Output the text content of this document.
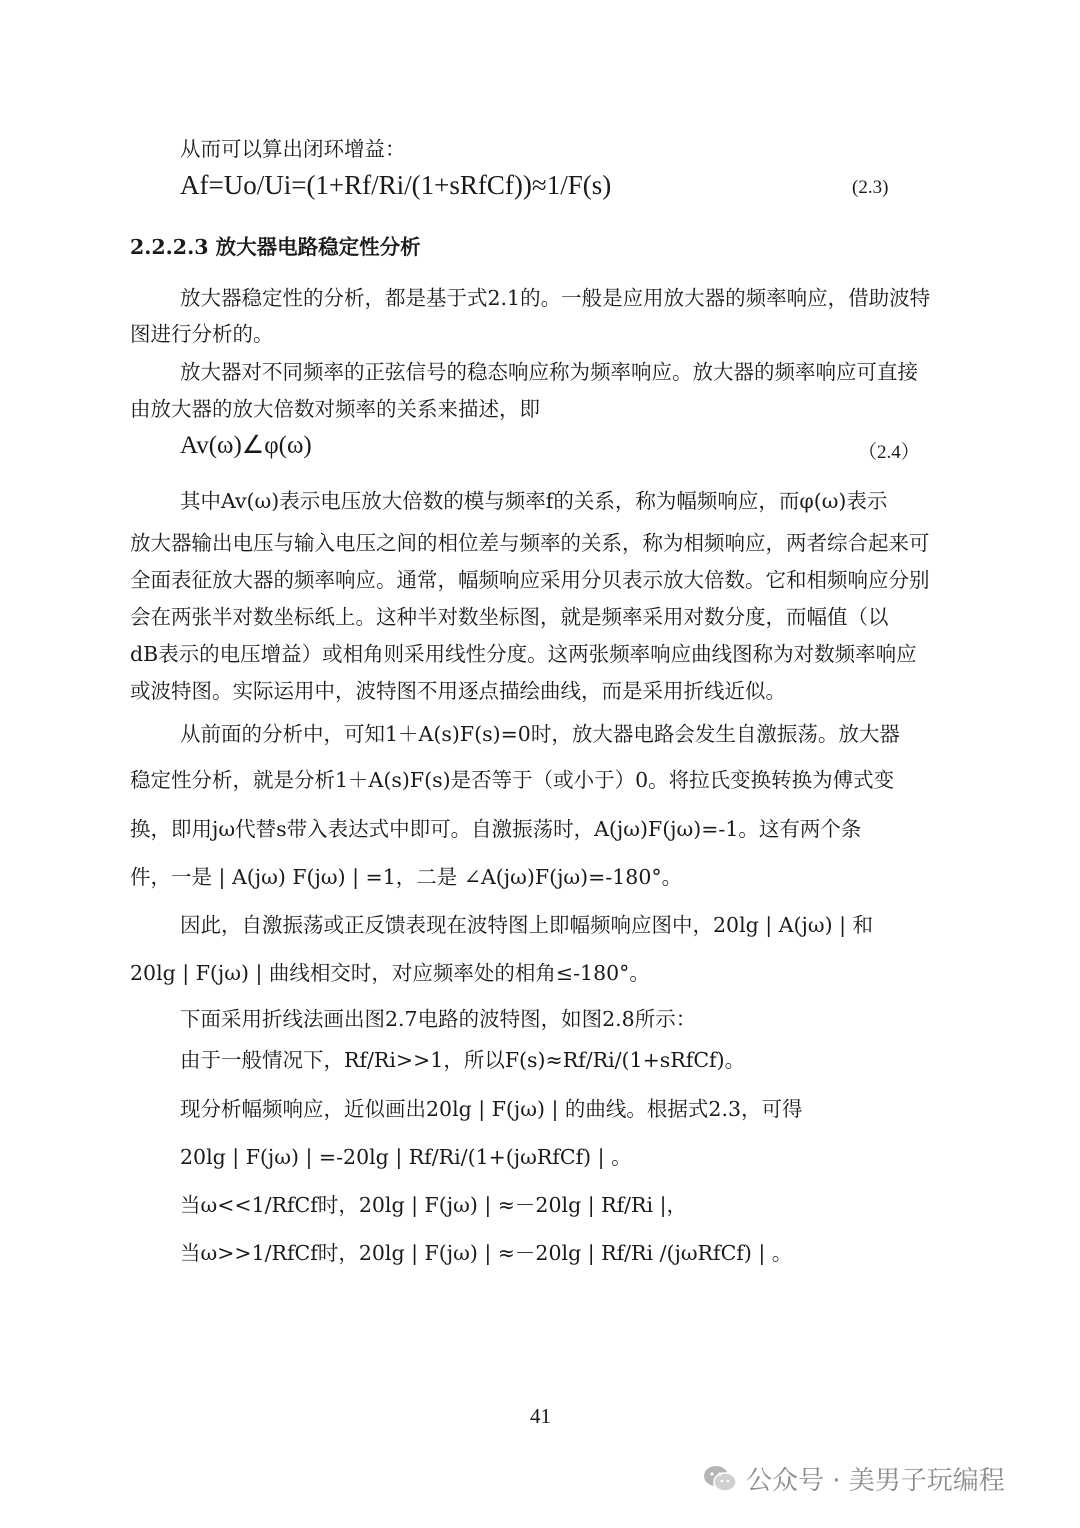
从而可以算出闭环增益：
Af=Uo/Ui=(1+Rf/Ri/(1+sRfCf))≈1/F(s)	(2.3)
2.2.2.3 放大器电路稳定性分析
放大器稳定性的分析，都是基于式2.1的。一般是应用放大器的频率响应，借助波特
图进行分析的。
放大器对不同频率的正弦信号的稳态响应称为频率响应。放大器的频率响应可直接
由放大器的放大倍数对频率的关系来描述，即
Av(ω)∠φ(ω)	（2.4）
其中Av(ω)表示电压放大倍数的模与频率f的关系，称为幅频响应，而φ(ω)表示
放大器输出电压与输入电压之间的相位差与频率的关系，称为相频响应，两者综合起来可
全面表征放大器的频率响应。通常，幅频响应采用分贝表示放大倍数。它和相频响应分别
会在两张半对数坐标纸上。这种半对数坐标图，就是频率采用对数分度，而幅值（以
dB表示的电压增益）或相角则采用线性分度。这两张频率响应曲线图称为对数频率响应
或波特图。实际运用中，波特图不用逐点描绘曲线，而是采用折线近似。
从前面的分析中，可知1＋A(s)F(s)=0时，放大器电路会发生自激振荡。放大器
稳定性分析，就是分析1＋A(s)F(s)是否等于（或小于）0。将拉氏变换转换为傅式变
换，即用jω代替s带入表达式中即可。自激振荡时，A(jω)F(jω)=-1。这有两个条
件，一是 | A(jω) F(jω) | =1，二是 ∠A(jω)F(jω)=-180°。
因此，自激振荡或正反馈表现在波特图上即幅频响应图中，20lg | A(jω) | 和
20lg | F(jω) | 曲线相交时，对应频率处的相角≤-180°。
下面采用折线法画出图2.7电路的波特图，如图2.8所示：
由于一般情况下，Rf/Ri>>1，所以F(s)≈Rf/Ri/(1+sRfCf)。
现分析幅频响应，近似画出20lg | F(jω) | 的曲线。根据式2.3，可得
20lg | F(jω) | =-20lg | Rf/Ri/(1+(jωRfCf) | 。
当ω<<1/RfCf时，20lg | F(jω) | ≈－20lg | Rf/Ri |，
当ω>>1/RfCf时，20lg | F(jω) | ≈－20lg | Rf/Ri /(jωRfCf) | 。
41
公众号 · 美男子玩编程
